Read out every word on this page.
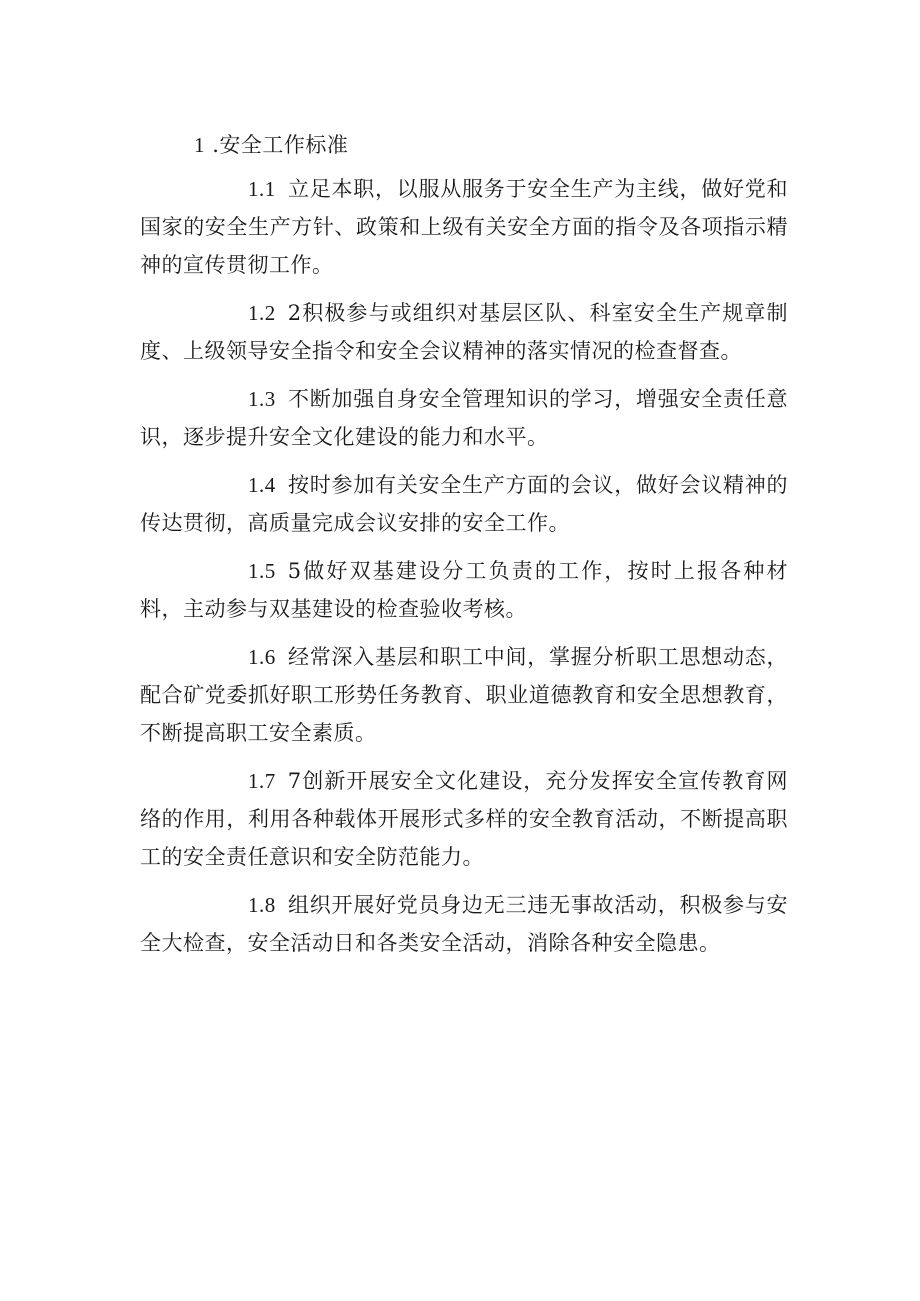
1 .安全工作标准

1.1 立足本职，以服从服务于安全生产为主线，做好党和国家的安全生产方针、政策和上级有关安全方面的指令及各项指示精神的宣传贯彻工作。

1.2 2积极参与或组织对基层区队、科室安全生产规章制度、上级领导安全指令和安全会议精神的落实情况的检查督查。

1.3 不断加强自身安全管理知识的学习，增强安全责任意识，逐步提升安全文化建设的能力和水平。

1.4 按时参加有关安全生产方面的会议，做好会议精神的传达贯彻，高质量完成会议安排的安全工作。

1.5 5做好双基建设分工负责的工作，按时上报各种材料，主动参与双基建设的检查验收考核。

1.6 经常深入基层和职工中间，掌握分析职工思想动态，配合矿党委抓好职工形势任务教育、职业道德教育和安全思想教育，不断提高职工安全素质。

1.7 7创新开展安全文化建设，充分发挥安全宣传教育网络的作用，利用各种载体开展形式多样的安全教育活动，不断提高职工的安全责任意识和安全防范能力。

1.8 组织开展好党员身边无三违无事故活动，积极参与安全大检查，安全活动日和各类安全活动，消除各种安全隐患。
